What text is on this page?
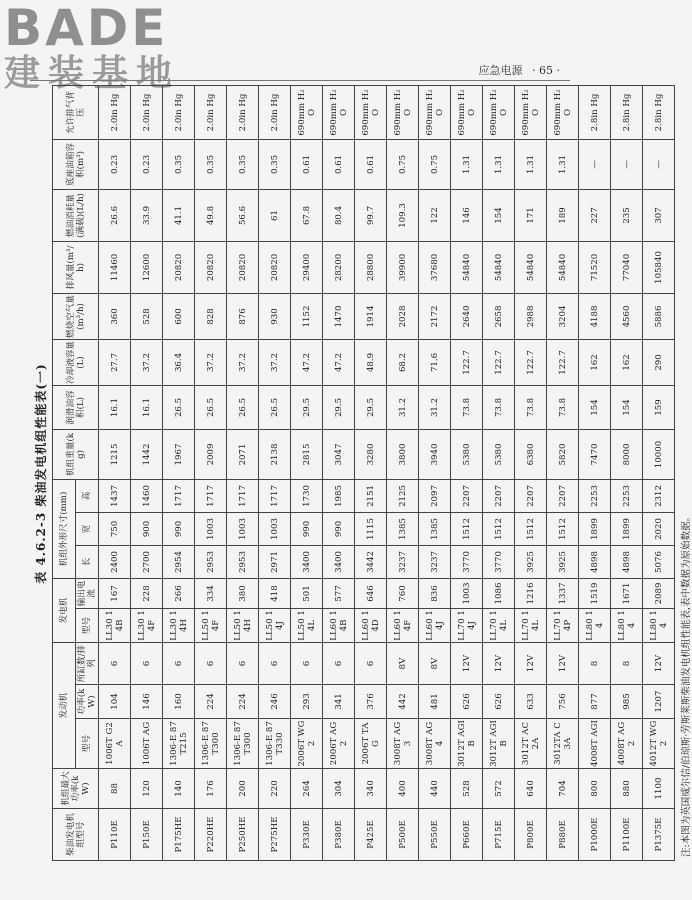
BADE
建装基地	应急电源 · 65 ·
表 4.6.2-3 柴油发电机组性能表(一)
柴油发电机组型号	机组最大功率(kW)	发动机			发电机		机组外形尺寸(mm)			机组重量(kg)	润滑油容积(L)	冷却液容量(L)	燃烧空气量(m³/h)	排风量(m³/h)	燃油消耗量(满载)(L/h)	底座油箱容积(m³)	允许排气背压
		型号	功率(kW)	所缸数/排列	型号	输出电流	长	宽	高								
P110E	88	1006T G2A	104	6	LL30 14B	167	2400	750	1437	1215	16.1	27.7	360	11460	26.6	0.23	2.0in Hg
P150E	120	1006T AG	146	6	LL30 14F	228	2700	900	1460	1442	16.1	37.2	528	12600	33.9	0.23	2.0in Hg
P175HE	140	1306-E 87T215	160	6	LL30 14H	266	2954	990	1717	1967	26.5	36.4	600	20820	41.1	0.35	2.0in Hg
P220HE	176	1306-E 87T300	224	6	LL50 14F	334	2953	1003	1717	2009	26.5	37.2	828	20820	49.8	0.35	2.0in Hg
P250HE	200	1306-E 87T300	224	6	LL50 14H	380	2953	1003	1717	2071	26.5	37.2	876	20820	56.6	0.35	2.0in Hg
P275HE	220	1306-E 87T330	246	6	LL50 14J	418	2971	1003	1717	2138	26.5	37.2	930	20820	61	0.35	2.0in Hg
P330E	264	2006T WG2	293	6	LL50 14L	501	3400	990	1730	2815	29.5	47.2	1152	29400	67.8	0.61	690mm H₂O
P380E	304	2006T AG2	341	6	LL60 14B	577	3400	990	1985	3047	29.5	47.2	1470	28200	80.4	0.61	690mm H₂O
P425E	340	2006T TAG	376	6	LL60 14D	646	3442	1115	2151	3280	29.5	48.9	1914	28800	99.7	0.61	690mm H₂O
P500E	400	3008T AG3	442	8V	LL60 14F	760	3237	1385	2125	3800	31.2	68.2	2028	39900	109.3	0.75	690mm H₂O
P550E	440	3008T AG4	481	8V	LL60 14J	836	3237	1385	2097	3940	31.2	71.6	2172	37680	122	0.75	690mm H₂O
P660E	528	3012T AGIB	626	12V	LL70 14J	1003	3770	1512	2207	5380	73.8	122.7	2640	54840	146	1.31	690mm H₂O
P715E	572	3012T AGIB	626	12V	LL70 14L	1086	3770	1512	2207	5380	73.8	122.7	2658	54840	154	1.31	690mm H₂O
P800E	640	3012T AC2A	633	12V	LL70 14L	1216	3925	1512	2207	6380	73.8	122.7	2988	54840	171	1.31	690mm H₂O
P880E	704	3012TA C3A	756	12V	LL70 14P	1337	3925	1512	2207	5820	73.8	122.7	3204	54840	189	1.31	690mm H₂O
P1000E	800	4008T AGI	877	8	LL80 14	1519	4898	1899	2253	7470	154	162	4188	71520	227	—	2.8in Hg
P1100E	880	4008T AG2	985	8	LL80 14	1671	4898	1899	2253	8000	154	162	4560	77040	235	—	2.8in Hg
P1375E	1100	4012T WG2	1207	12V	LL80 14	2089	5076	2020	2312	10000	159	290	5886	105840	307	—	2.8in Hg
注:本图为英国威尔信/伯琼斯·劳斯莱斯柴油发电机组性能表,表中数据为原始数据。
